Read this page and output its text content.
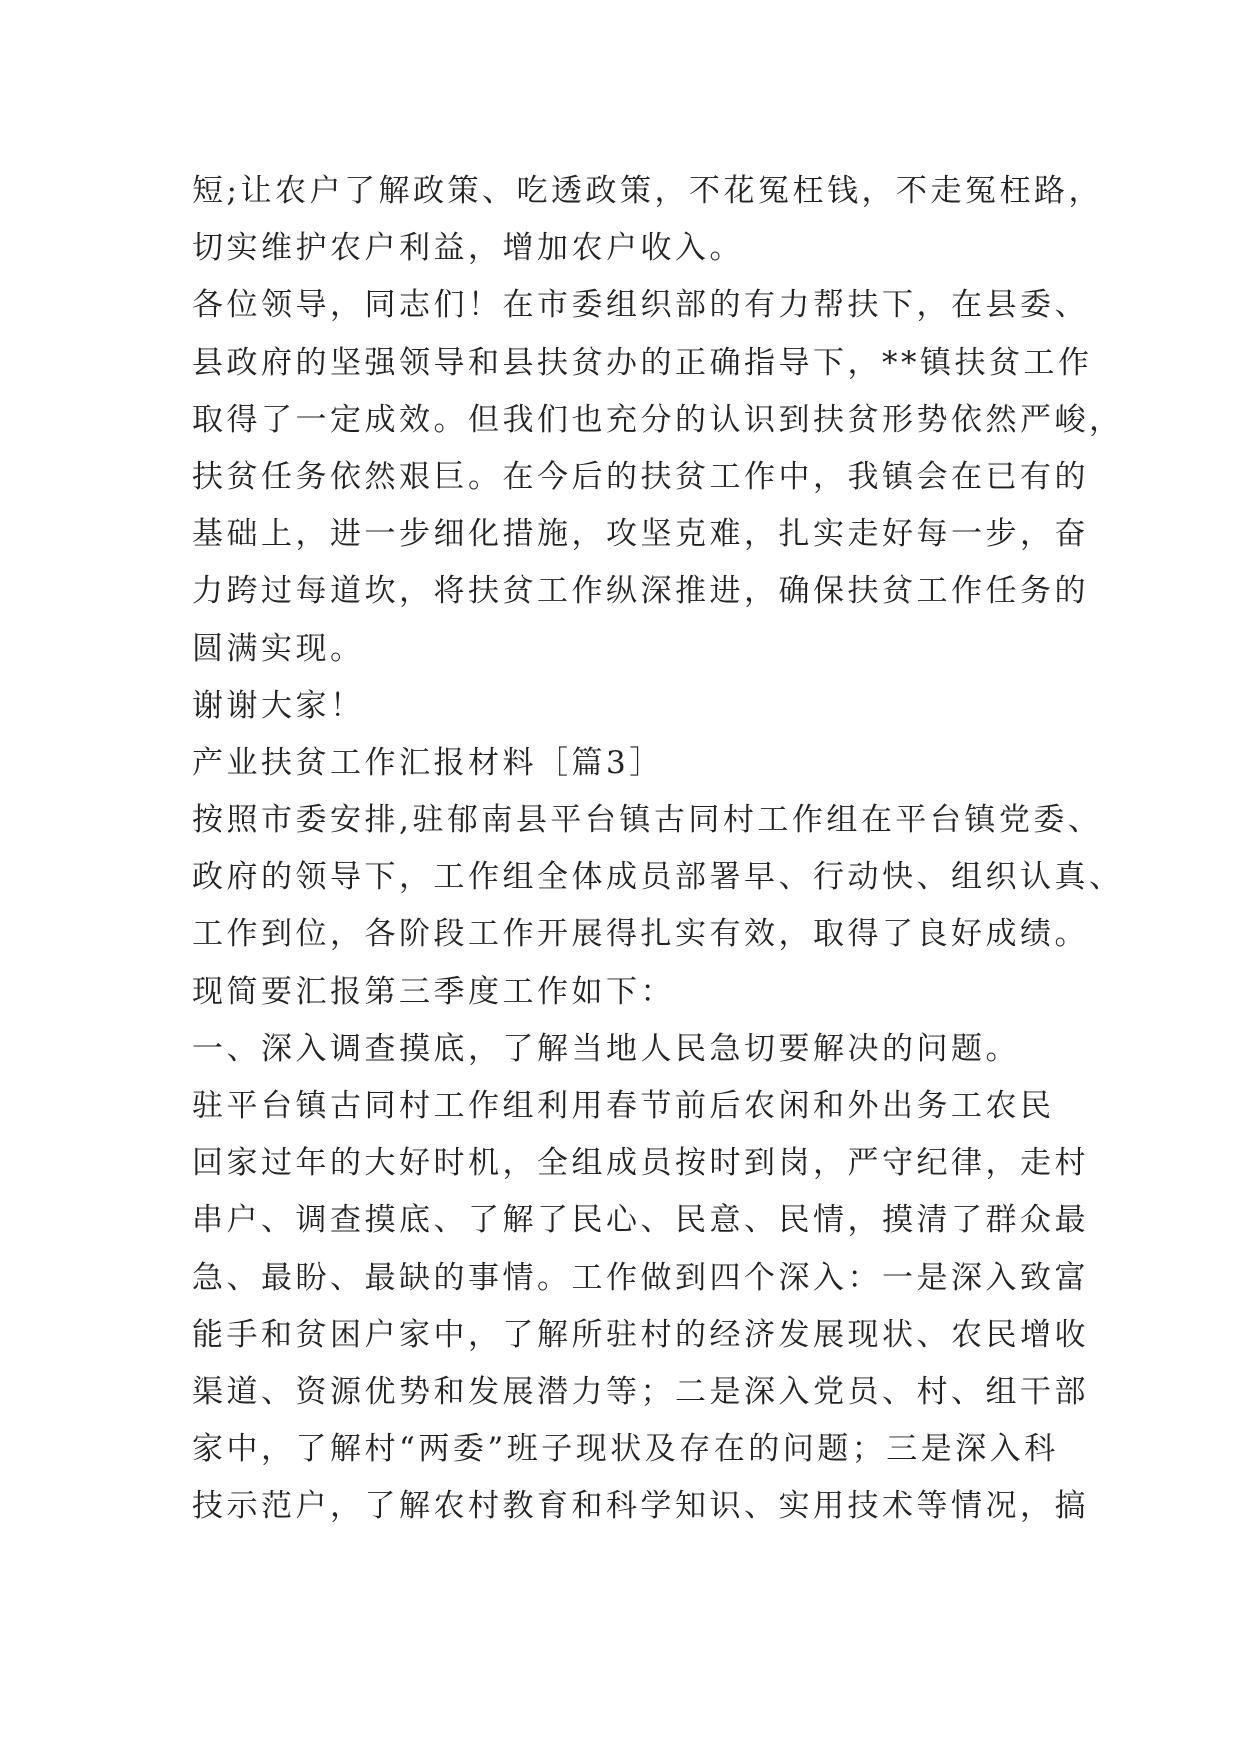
短;让农户了解政策、吃透政策，不花冤枉钱，不走冤枉路，
切实维护农户利益，增加农户收入。
各位领导，同志们！在市委组织部的有力帮扶下，在县委、
县政府的坚强领导和县扶贫办的正确指导下，**镇扶贫工作
取得了一定成效。但我们也充分的认识到扶贫形势依然严峻，
扶贫任务依然艰巨。在今后的扶贫工作中，我镇会在已有的
基础上，进一步细化措施，攻坚克难，扎实走好每一步，奋
力跨过每道坎，将扶贫工作纵深推进，确保扶贫工作任务的
圆满实现。
谢谢大家！
产业扶贫工作汇报材料［篇3］
按照市委安排,驻郁南县平台镇古同村工作组在平台镇党委、
政府的领导下，工作组全体成员部署早、行动快、组织认真、
工作到位，各阶段工作开展得扎实有效，取得了良好成绩。
现简要汇报第三季度工作如下：
一、深入调查摸底，了解当地人民急切要解决的问题。
驻平台镇古同村工作组利用春节前后农闲和外出务工农民
回家过年的大好时机，全组成员按时到岗，严守纪律，走村
串户、调查摸底、了解了民心、民意、民情，摸清了群众最
急、最盼、最缺的事情。工作做到四个深入：一是深入致富
能手和贫困户家中，了解所驻村的经济发展现状、农民增收
渠道、资源优势和发展潜力等；二是深入党员、村、组干部
家中，了解村“两委”班子现状及存在的问题；三是深入科
技示范户，了解农村教育和科学知识、实用技术等情况，搞
